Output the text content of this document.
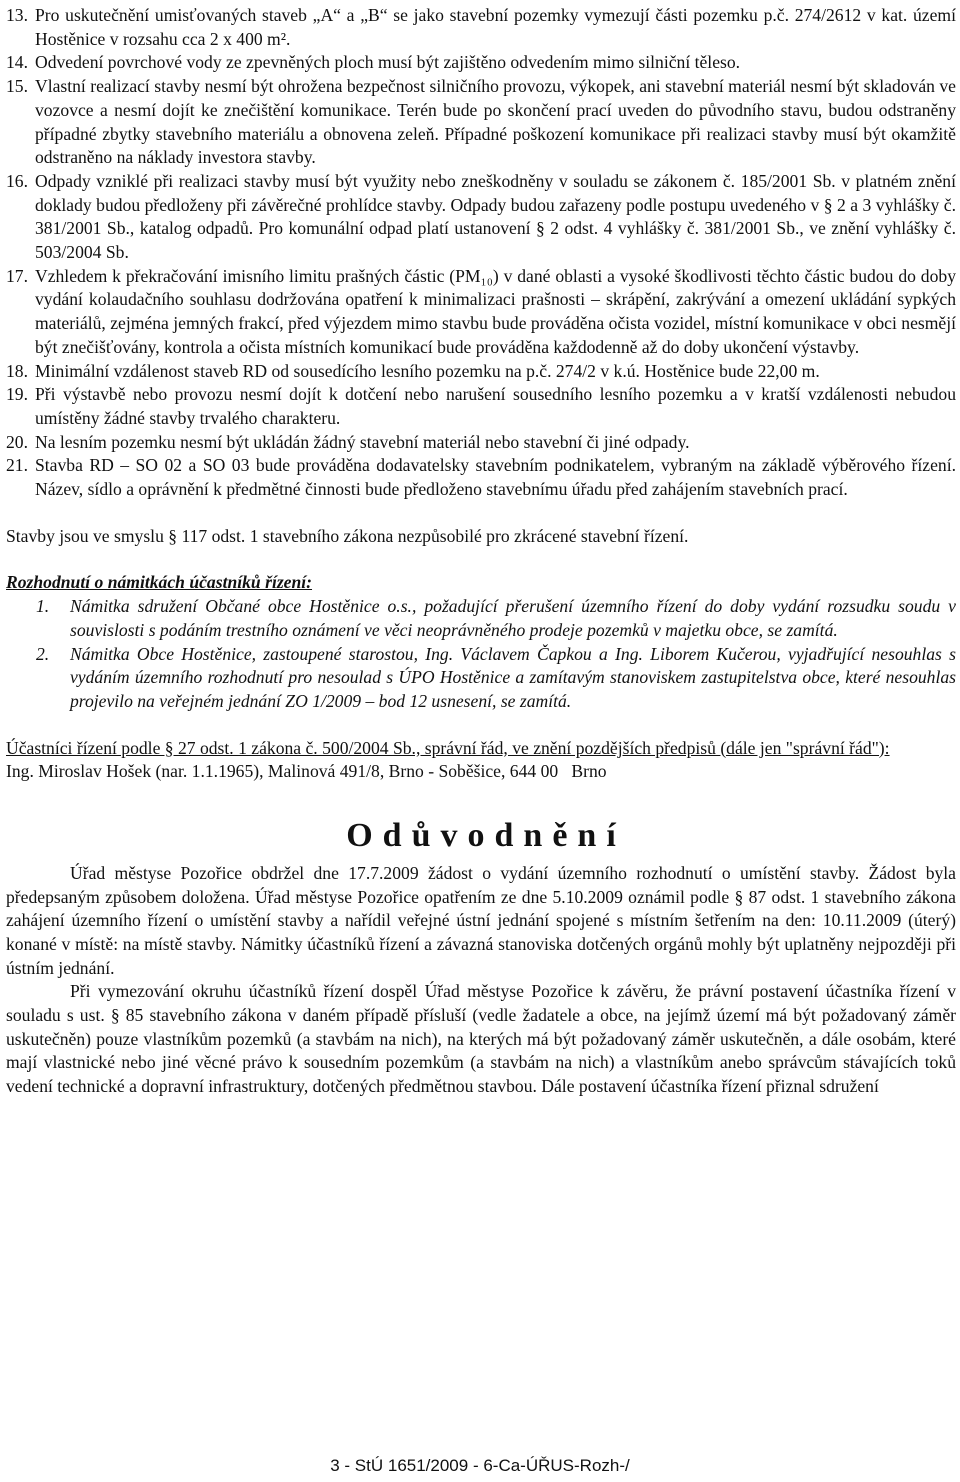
13. Pro uskutečnění umisťovaných staveb „A“ a „B“ se jako stavební pozemky vymezují části pozemku p.č. 274/2612 v kat. území Hostěnice v rozsahu cca 2 x 400 m².
14. Odvedení povrchové vody ze zpevněných ploch musí být zajištěno odvedením mimo silniční těleso.
15. Vlastní realizací stavby nesmí být ohrožena bezpečnost silničního provozu, výkopek, ani stavební materiál nesmí být skladován ve vozovce a nesmí dojít ke znečištění komunikace. Terén bude po skončení prací uveden do původního stavu, budou odstraněny případné zbytky stavebního materiálu a obnovena zeleň. Případné poškození komunikace při realizaci stavby musí být okamžitě odstraněno na náklady investora stavby.
16. Odpady vzniklé při realizaci stavby musí být využity nebo zneškodněny v souladu se zákonem č. 185/2001 Sb. v platném znění doklady budou předloženy při závěrečné prohlídce stavby. Odpady budou zařazeny podle postupu uvedeného v § 2 a 3 vyhlášky č. 381/2001 Sb., katalog odpadů. Pro komunální odpad platí ustanovení § 2 odst. 4 vyhlášky č. 381/2001 Sb., ve znění vyhlášky č. 503/2004 Sb.
17. Vzhledem k překračování imisního limitu prašných částic (PM₁₀) v dané oblasti a vysoké škodlivosti těchto částic budou do doby vydání kolaudačního souhlasu dodržována opatření k minimalizaci prašnosti – skrápění, zakrývání a omezení ukládání sypkých materiálů, zejména jemných frakcí, před výjezdem mimo stavbu bude prováděna očista vozidel, místní komunikace v obci nesmějí být znečišťovány, kontrola a očista místních komunikací bude prováděna každodenně až do doby ukončení výstavby.
18. Minimální vzdálenost staveb RD od sousedícího lesního pozemku na p.č. 274/2 v k.ú. Hostěnice bude 22,00 m.
19. Při výstavbě nebo provozu nesmí dojít k dotčení nebo narušení sousedního lesního pozemku a v kratší vzdálenosti nebudou umístěny žádné stavby trvalého charakteru.
20. Na lesním pozemku nesmí být ukládán žádný stavební materiál nebo stavební či jiné odpady.
21. Stavba RD – SO 02 a SO 03 bude prováděna dodavatelsky stavebním podnikatelem, vybraným na základě výběrového řízení. Název, sídlo a oprávnění k předmětné činnosti bude předloženo stavebnímu úřadu před zahájením stavebních prací.
Stavby jsou ve smyslu § 117 odst. 1 stavebního zákona nezpůsobilé pro zkrácené stavební řízení.
Rozhodnutí o námitkách účastníků řízení:
1.	Námitka sdružení Občané obce Hostěnice o.s., požadující přerušení územního řízení do doby vydání rozsudku soudu v souvislosti s podáním trestního oznámení ve věci neoprávněného prodeje pozemků v majetku obce, se zamítá.
2.	Námitka Obce Hostěnice, zastoupené starostou, Ing. Václavem Čapkou a Ing. Liborem Kučerou, vyjadřující nesouhlas s vydáním územního rozhodnutí pro nesoulad s ÚPO Hostěnice a zamítavým stanoviskem zastupitelstva obce, které nesouhlas projevilo na veřejném jednání ZO 1/2009 – bod 12 usnesení, se zamítá.
Účastníci řízení podle § 27 odst. 1 zákona č. 500/2004 Sb., správní řád, ve znění pozdějších předpisů (dále jen "správní řád"):
Ing. Miroslav Hošek (nar. 1.1.1965), Malinová 491/8, Brno - Soběšice, 644 00   Brno
Odůvodnění
Úřad městyse Pozořice obdržel dne 17.7.2009 žádost o vydání územního rozhodnutí o umístění stavby. Žádost byla předepsaným způsobem doložena. Úřad městyse Pozořice opatřením ze dne 5.10.2009 oznámil podle § 87 odst. 1 stavebního zákona zahájení územního řízení o umístění stavby a nařídil veřejné ústní jednání spojené s místním šetřením na den: 10.11.2009 (úterý) konané v místě: na místě stavby. Námitky účastníků řízení a závazná stanoviska dotčených orgánů mohly být uplatněny nejpozději při ústním jednání.
Při vymezování okruhu účastníků řízení dospěl Úřad městyse Pozořice k závěru, že právní postavení účastníka řízení v souladu s ust. § 85 stavebního zákona v daném případě přísluší (vedle žadatele a obce, na jejímž území má být požadovaný záměr uskutečněn) pouze vlastníkům pozemků (a stavbám na nich), na kterých má být požadovaný záměr uskutečněn, a dále osobám, které mají vlastnické nebo jiné věcné právo k sousedním pozemkům (a stavbám na nich) a vlastníkům anebo správcům stávajících toků vedení technické a dopravní infrastruktury, dotčených předmětnou stavbou. Dále postavení účastníka řízení přiznal sdružení
3 - StÚ 1651/2009 - 6-Ca-ÚŘUS-Rozh-/
